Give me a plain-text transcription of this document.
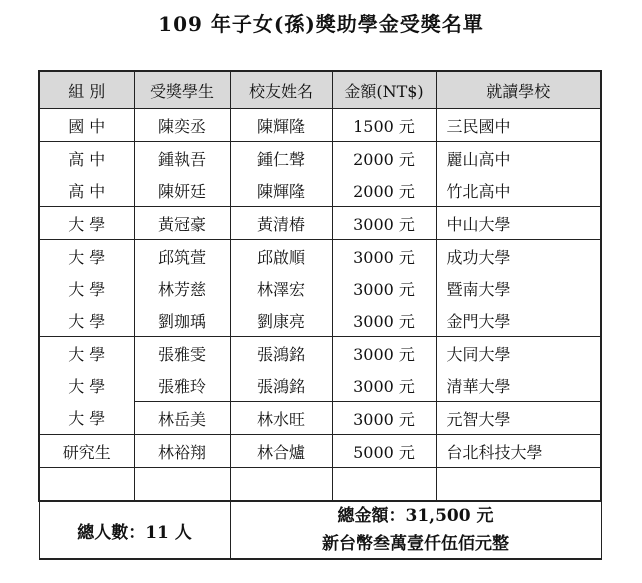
109 年子女(孫)獎助學金受獎名單
組 別	受獎學生	校友姓名	金額(NT$)	就讀學校
國 中	陳奕丞	陳輝隆	1500 元	三民國中
高 中	鍾執吾	鍾仁聲	2000 元	麗山高中
高 中	陳妍廷	陳輝隆	2000 元	竹北高中
大 學	黃冠豪	黃清椿	3000 元	中山大學
大 學	邱筑萱	邱啟順	3000 元	成功大學
大 學	林芳慈	林澤宏	3000 元	暨南大學
大 學	劉珈瑀	劉康亮	3000 元	金門大學
大 學	張雅雯	張鴻銘	3000 元	大同大學
大 學	張雅玲	張鴻銘	3000 元	清華大學
大 學	林岳美	林水旺	3000 元	元智大學
研究生	林裕翔	林合爐	5000 元	台北科技大學

總人數：11 人		總金額：31,500 元
新台幣叁萬壹仟伍佰元整		
